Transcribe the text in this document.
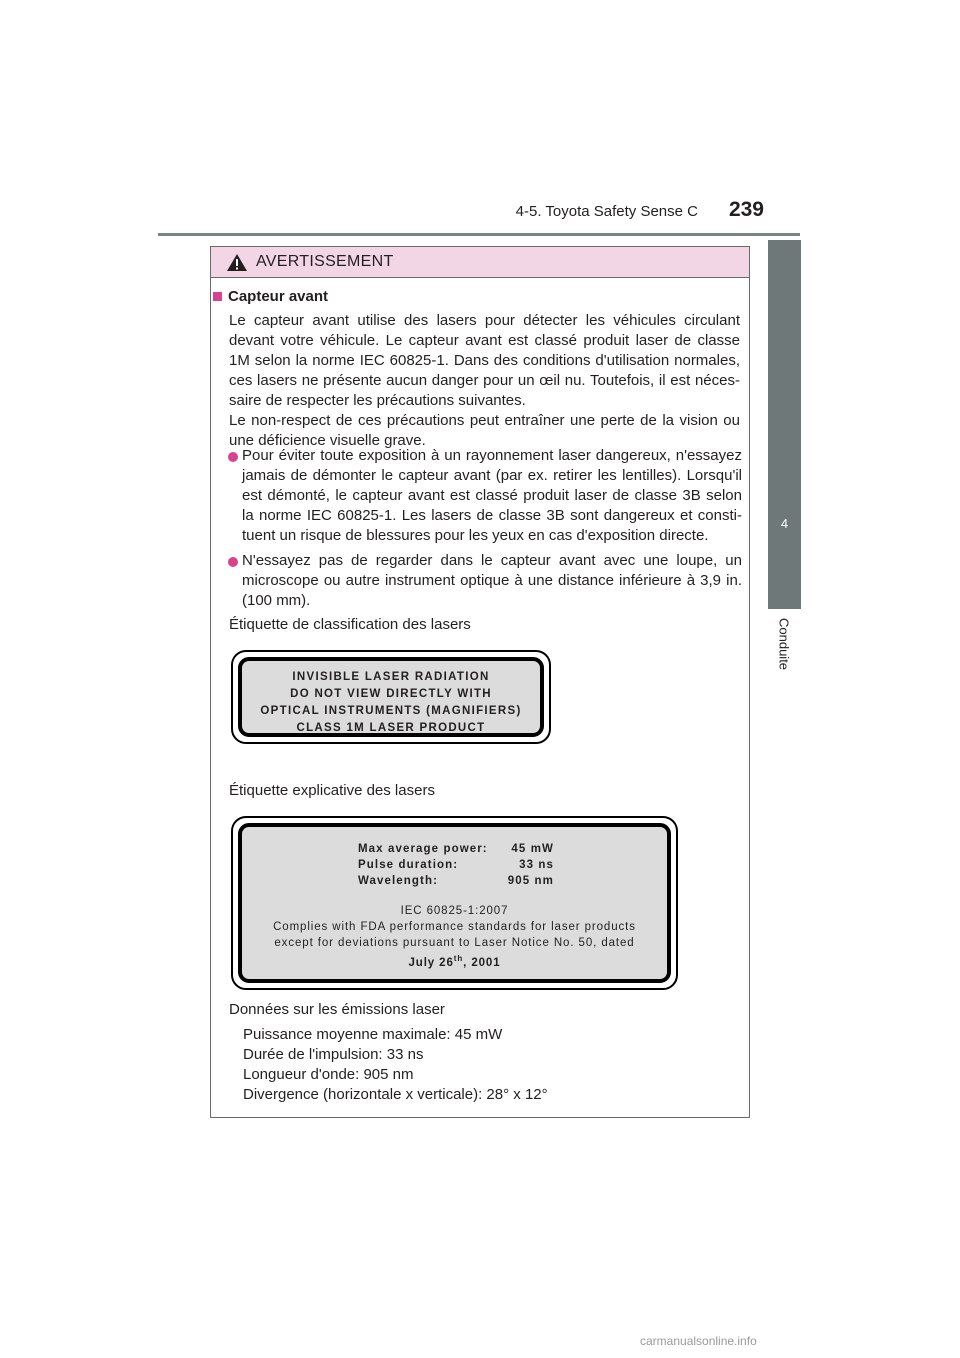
4-5. Toyota Safety Sense C	239
4
Conduite
AVERTISSEMENT
Capteur avant
Le capteur avant utilise des lasers pour détecter les véhicules circulant
devant votre véhicule. Le capteur avant est classé produit laser de classe
1M selon la norme IEC 60825-1. Dans des conditions d'utilisation normales,
ces lasers ne présente aucun danger pour un œil nu. Toutefois, il est néces-
saire de respecter les précautions suivantes.
Le non-respect de ces précautions peut entraîner une perte de la vision ou
une déficience visuelle grave.
Pour éviter toute exposition à un rayonnement laser dangereux, n'essayez
jamais de démonter le capteur avant (par ex. retirer les lentilles). Lorsqu'il
est démonté, le capteur avant est classé produit laser de classe 3B selon
la norme IEC 60825-1. Les lasers de classe 3B sont dangereux et consti-
tuent un risque de blessures pour les yeux en cas d'exposition directe.
N'essayez pas de regarder dans le capteur avant avec une loupe, un
microscope ou autre instrument optique à une distance inférieure à 3,9 in.
(100 mm).
Étiquette de classification des lasers
INVISIBLE LASER RADIATION
DO NOT VIEW DIRECTLY WITH
OPTICAL INSTRUMENTS (MAGNIFIERS)
CLASS 1M LASER PRODUCT
Étiquette explicative des lasers
Max average power:	45 mW
Pulse duration:	33 ns
Wavelength:	905 nm
IEC 60825-1:2007
Complies with FDA performance standards for laser products
except for deviations pursuant to Laser Notice No. 50, dated
July 26th, 2001
Données sur les émissions laser
Puissance moyenne maximale: 45 mW
Durée de l'impulsion: 33 ns
Longueur d'onde: 905 nm
Divergence (horizontale x verticale): 28° x 12°
carmanualsonline.info
